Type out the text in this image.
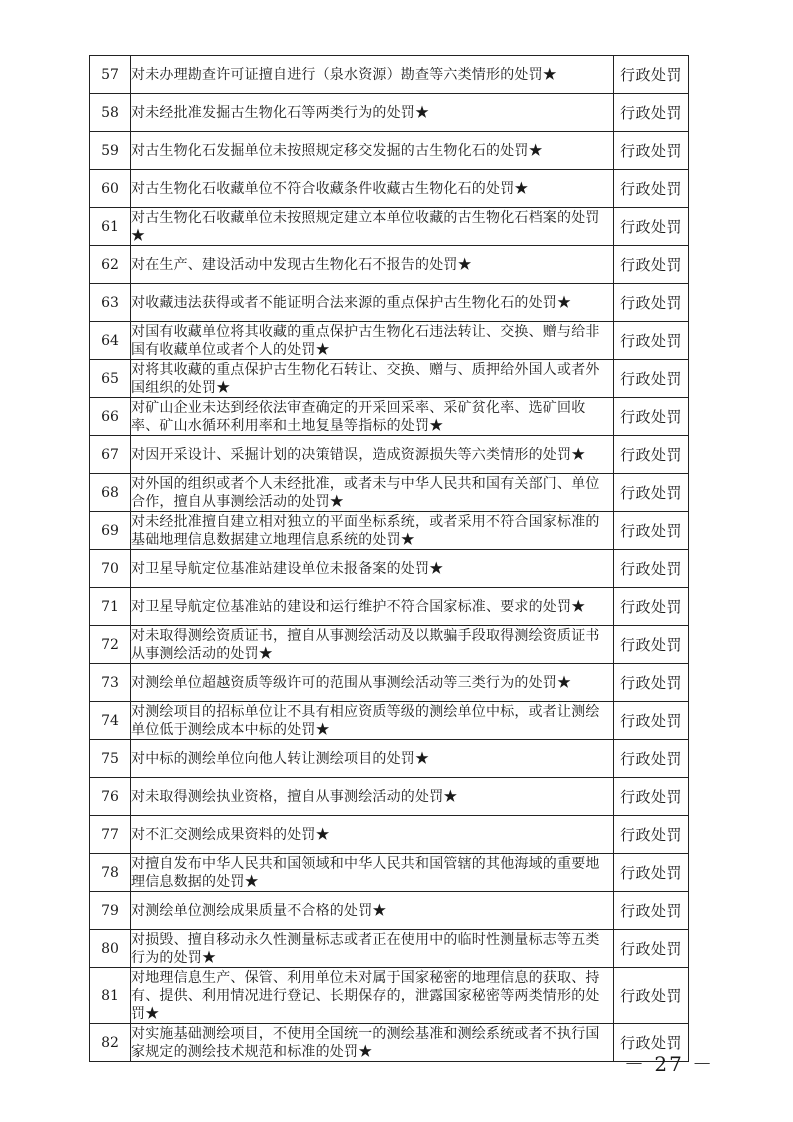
57	对未办理勘查许可证擅自进行（泉水资源）勘查等六类情形的处罚★	行政处罚
58	对未经批准发掘古生物化石等两类行为的处罚★	行政处罚
59	对古生物化石发掘单位未按照规定移交发掘的古生物化石的处罚★	行政处罚
60	对古生物化石收藏单位不符合收藏条件收藏古生物化石的处罚★	行政处罚
61	对古生物化石收藏单位未按照规定建立本单位收藏的古生物化石档案的处罚★	行政处罚
62	对在生产、建设活动中发现古生物化石不报告的处罚★	行政处罚
63	对收藏违法获得或者不能证明合法来源的重点保护古生物化石的处罚★	行政处罚
64	对国有收藏单位将其收藏的重点保护古生物化石违法转让、交换、赠与给非国有收藏单位或者个人的处罚★	行政处罚
65	对将其收藏的重点保护古生物化石转让、交换、赠与、质押给外国人或者外国组织的处罚★	行政处罚
66	对矿山企业未达到经依法审查确定的开采回采率、采矿贫化率、选矿回收率、矿山水循环利用率和土地复垦等指标的处罚★	行政处罚
67	对因开采设计、采掘计划的决策错误，造成资源损失等六类情形的处罚★	行政处罚
68	对外国的组织或者个人未经批准，或者未与中华人民共和国有关部门、单位合作，擅自从事测绘活动的处罚★	行政处罚
69	对未经批准擅自建立相对独立的平面坐标系统，或者采用不符合国家标准的基础地理信息数据建立地理信息系统的处罚★	行政处罚
70	对卫星导航定位基准站建设单位未报备案的处罚★	行政处罚
71	对卫星导航定位基准站的建设和运行维护不符合国家标准、要求的处罚★	行政处罚
72	对未取得测绘资质证书，擅自从事测绘活动及以欺骗手段取得测绘资质证书从事测绘活动的处罚★	行政处罚
73	对测绘单位超越资质等级许可的范围从事测绘活动等三类行为的处罚★	行政处罚
74	对测绘项目的招标单位让不具有相应资质等级的测绘单位中标，或者让测绘单位低于测绘成本中标的处罚★	行政处罚
75	对中标的测绘单位向他人转让测绘项目的处罚★	行政处罚
76	对未取得测绘执业资格，擅自从事测绘活动的处罚★	行政处罚
77	对不汇交测绘成果资料的处罚★	行政处罚
78	对擅自发布中华人民共和国领域和中华人民共和国管辖的其他海域的重要地理信息数据的处罚★	行政处罚
79	对测绘单位测绘成果质量不合格的处罚★	行政处罚
80	对损毁、擅自移动永久性测量标志或者正在使用中的临时性测量标志等五类行为的处罚★	行政处罚
81	对地理信息生产、保管、利用单位未对属于国家秘密的地理信息的获取、持有、提供、利用情况进行登记、长期保存的，泄露国家秘密等两类情形的处罚★	行政处罚
82	对实施基础测绘项目，不使用全国统一的测绘基准和测绘系统或者不执行国家规定的测绘技术规范和标准的处罚★	行政处罚
－ 27 －
